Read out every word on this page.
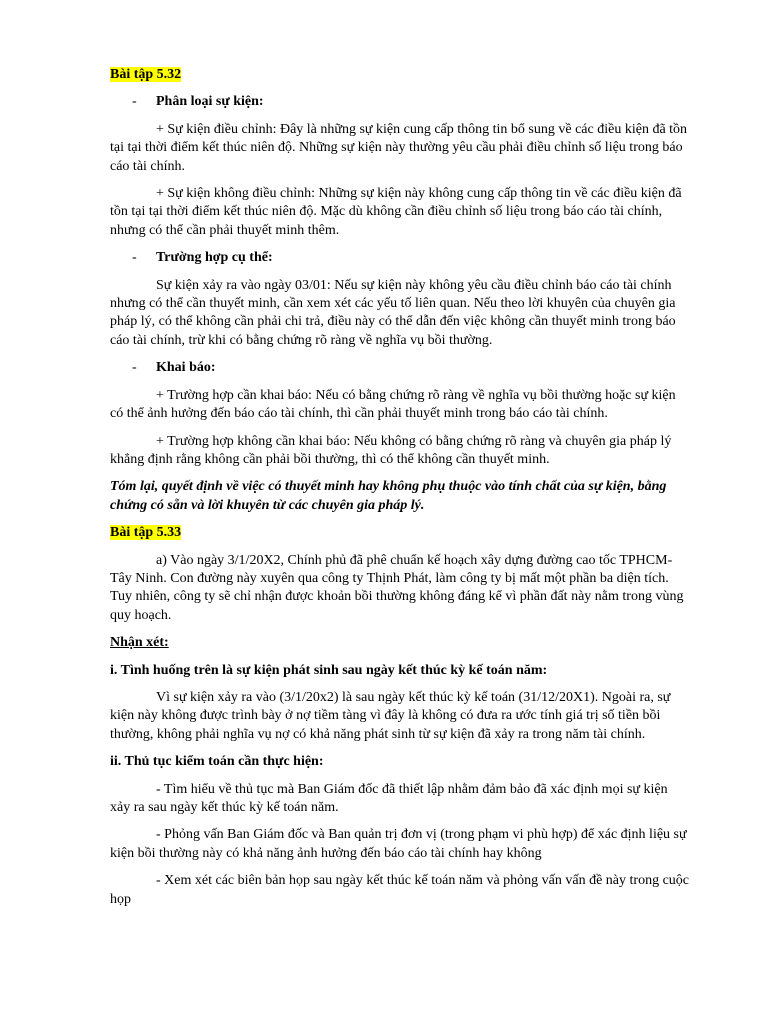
Bài tập 5.32

- Phân loại sự kiện:

+ Sự kiện điều chỉnh: Đây là những sự kiện cung cấp thông tin bổ sung về các điều kiện đã tồn tại tại thời điểm kết thúc niên độ. Những sự kiện này thường yêu cầu phải điều chỉnh số liệu trong báo cáo tài chính.

+ Sự kiện không điều chỉnh: Những sự kiện này không cung cấp thông tin về các điều kiện đã tồn tại tại thời điểm kết thúc niên độ. Mặc dù không cần điều chỉnh số liệu trong báo cáo tài chính, nhưng có thể cần phải thuyết minh thêm.

- Trường hợp cụ thể:

Sự kiện xảy ra vào ngày 03/01: Nếu sự kiện này không yêu cầu điều chỉnh báo cáo tài chính nhưng có thể cần thuyết minh, cần xem xét các yếu tố liên quan. Nếu theo lời khuyên của chuyên gia pháp lý, có thể không cần phải chi trả, điều này có thể dẫn đến việc không cần thuyết minh trong báo cáo tài chính, trừ khi có bằng chứng rõ ràng về nghĩa vụ bồi thường.

- Khai báo:

+ Trường hợp cần khai báo: Nếu có bằng chứng rõ ràng về nghĩa vụ bồi thường hoặc sự kiện có thể ảnh hưởng đến báo cáo tài chính, thì cần phải thuyết minh trong báo cáo tài chính.

+ Trường hợp không cần khai báo: Nếu không có bằng chứng rõ ràng và chuyên gia pháp lý khẳng định rằng không cần phải bồi thường, thì có thể không cần thuyết minh.

Tóm lại, quyết định về việc có thuyết minh hay không phụ thuộc vào tính chất của sự kiện, bằng chứng có sẵn và lời khuyên từ các chuyên gia pháp lý.

Bài tập 5.33

a) Vào ngày 3/1/20X2, Chính phủ đã phê chuẩn kế hoạch xây dựng đường cao tốc TPHCM-Tây Ninh. Con đường này xuyên qua công ty Thịnh Phát, làm công ty bị mất một phần ba diện tích. Tuy nhiên, công ty sẽ chỉ nhận được khoản bồi thường không đáng kể vì phần đất này nằm trong vùng quy hoạch.

Nhận xét:

i. Tình huống trên là sự kiện phát sinh sau ngày kết thúc kỳ kế toán năm:

Vì sự kiện xảy ra vào (3/1/20x2) là sau ngày kết thúc kỳ kế toán (31/12/20X1). Ngoài ra, sự kiện này không được trình bày ở nợ tiềm tàng vì đây là không có đưa ra ước tính giá trị số tiền bồi thường, không phải nghĩa vụ nợ có khả năng phát sinh từ sự kiện đã xảy ra trong năm tài chính.

ii. Thủ tục kiểm toán cần thực hiện:

- Tìm hiểu về thủ tục mà Ban Giám đốc đã thiết lập nhằm đảm bảo đã xác định mọi sự kiện xảy ra sau ngày kết thúc kỳ kế toán năm.

- Phỏng vấn Ban Giám đốc và Ban quản trị đơn vị (trong phạm vi phù hợp) để xác định liệu sự kiện bồi thường này có khả năng ảnh hưởng đến báo cáo tài chính hay không

- Xem xét các biên bản họp sau ngày kết thúc kế toán năm và phỏng vấn vấn đề này trong cuộc họp
